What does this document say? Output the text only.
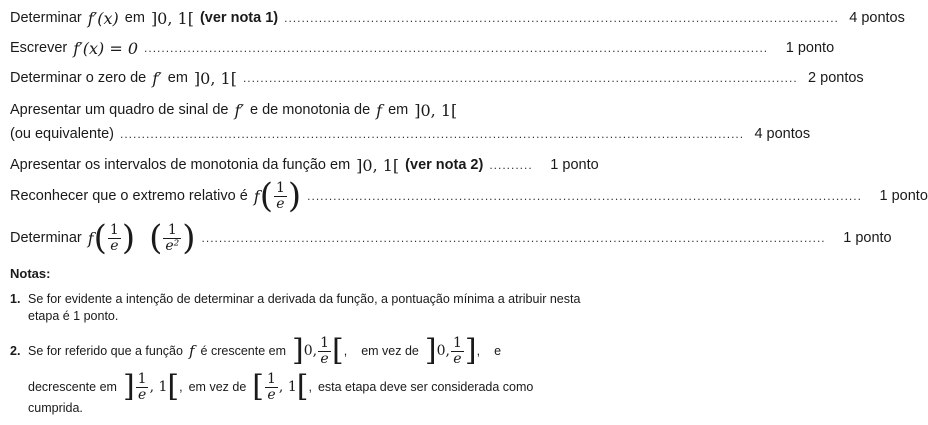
Determinar f′(x) em ]0, 1[ (ver nota 1) ................................................................................................................................ 4 pontos
Escrever f′(x) = 0 ................................................................................................................................................	1 ponto
Determinar o zero de f′ em ]0, 1[ ................................................................................................................................ 2 pontos
Apresentar um quadro de sinal de f′ e de monotonia de f em ]0, 1[
(ou equivalente) ................................................................................................................................................ 4 pontos
Apresentar os intervalos de monotonia da função em ]0, 1[ (ver nota 2) ..........	1 ponto
Reconhecer que o extremo relativo é f ( $\frac{1}{e}$ ) ................................................................................................................................	1 ponto
Determinar f ( $\frac{1}{e}$ ) ( $\frac{1}{\text{e²}}$ ) ................................................................................................................................................	1 ponto
Notas:
1. Se for evidente a intenção de determinar a derivada da função, a pontuação mínima a atribuir nesta etapa é 1 ponto.
2. Se for referido que a função f é crescente em ] 0, $\frac{1}{e}$ [ , em vez de ] 0, $\frac{1}{e}$ ] , e
decrescente em ] $\frac{1}{e}$ , 1 [ , em vez de [ $\frac{1}{e}$ , 1 [ , esta etapa deve ser considerada como
cumprida.
